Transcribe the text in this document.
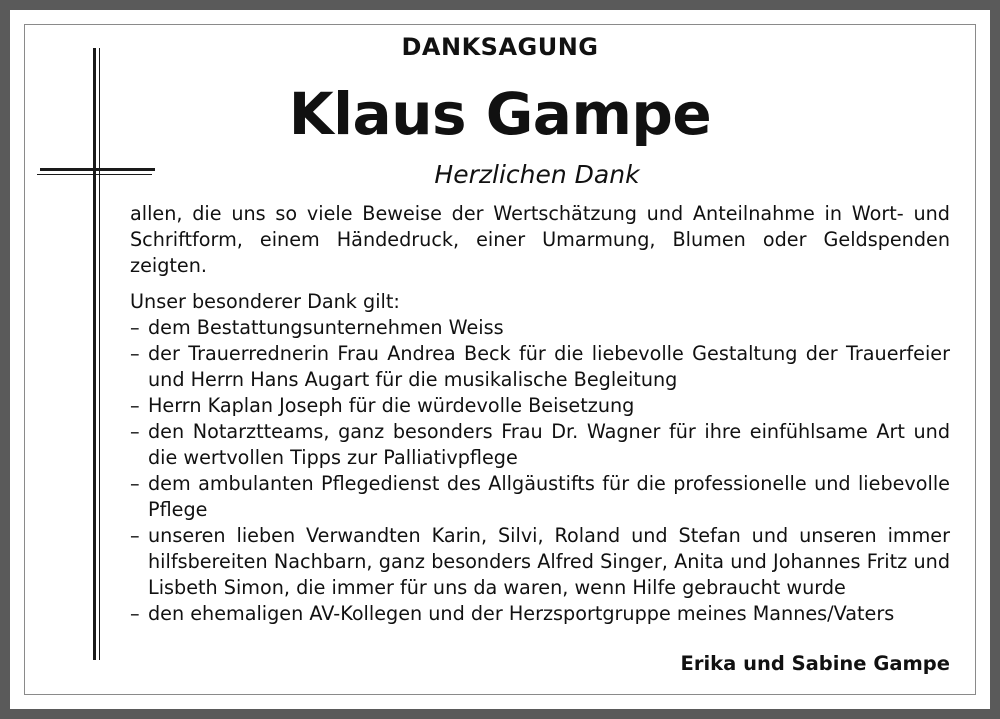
DANKSAGUNG
Klaus Gampe
Herzlichen Dank

allen, die uns so viele Beweise der Wertschätzung und Anteilnahme in Wort- und Schriftform, einem Händedruck, einer Umarmung, Blumen oder Geldspenden zeigten.

Unser besonderer Dank gilt:

– dem Bestattungsunternehmen Weiss
– der Trauerrednerin Frau Andrea Beck für die liebevolle Gestaltung der Trauerfeier und Herrn Hans Augart für die musikalische Begleitung
– Herrn Kaplan Joseph für die würdevolle Beisetzung
– den Notarztteams, ganz besonders Frau Dr. Wagner für ihre einfühlsame Art und die wertvollen Tipps zur Palliativpflege
– dem ambulanten Pflegedienst des Allgäustifts für die professionelle und liebevolle Pflege
– unseren lieben Verwandten Karin, Silvi, Roland und Stefan und unseren immer hilfsbereiten Nachbarn, ganz besonders Alfred Singer, Anita und Johannes Fritz und Lisbeth Simon, die immer für uns da waren, wenn Hilfe gebraucht wurde
– den ehemaligen AV-Kollegen und der Herzsportgruppe meines Mannes/Vaters
Erika und Sabine Gampe
